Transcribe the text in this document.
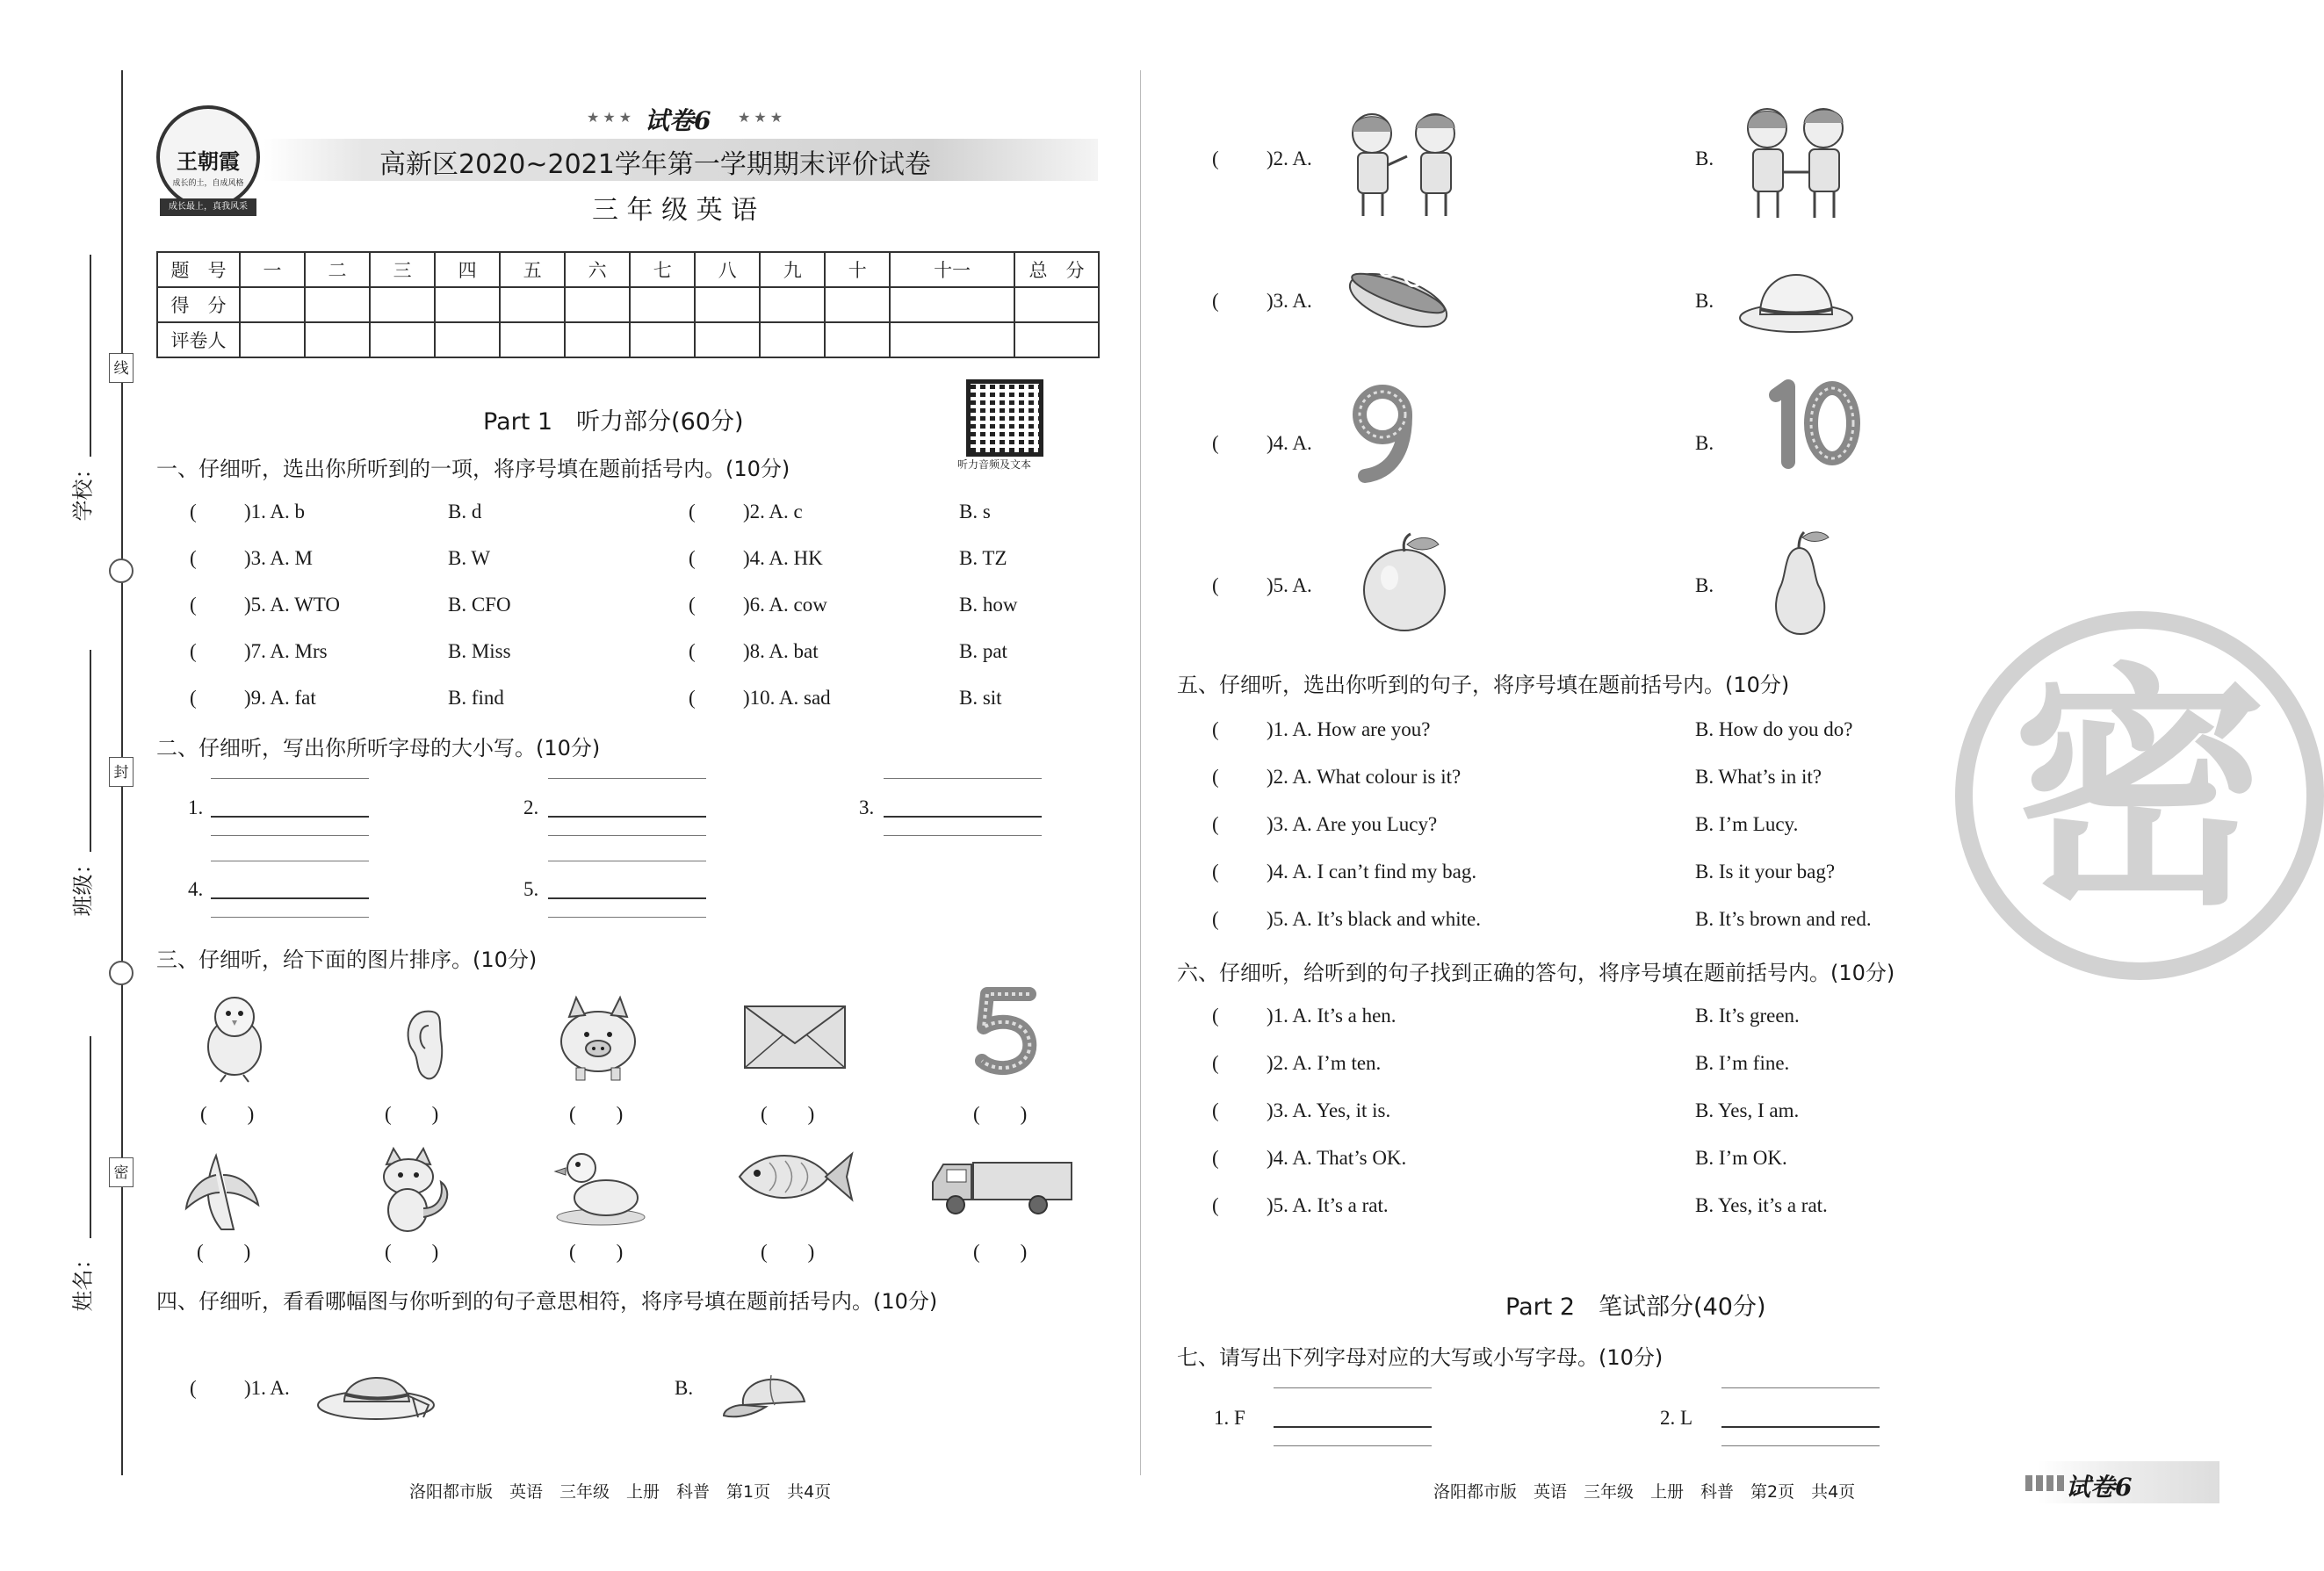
线
封
密
学校：
班级：
姓名：
王朝霞
成长的土，自成风格
成长最上，真我风采
★ ★ ★ 试卷6 ★ ★ ★
高新区2020~2021学年第一学期期末评价试卷
三 年 级 英 语
题　号	一	二	三	四	五	六	七	八	九	十	十一	总　分
得　分												
评卷人												
Part 1　听力部分(60分)
听力音频及文本
一、仔细听，选出你所听到的一项，将序号填在题前括号内。(10分)
( )1. A. b	B. d	( )2. A. c	B. s
( )3. A. M	B. W	( )4. A. HK	B. TZ
( )5. A. WTO	B. CFO	( )6. A. cow	B. how
( )7. A. Mrs	B. Miss	( )8. A. bat	B. pat
( )9. A. fat	B. find	( )10. A. sad	B. sit
二、仔细听，写出你所听字母的大小写。(10分)
1.	2.	3.
4.	5.
三、仔细听，给下面的图片排序。(10分)
(　　)	(　　)	(　　)	(　　)	(　　)
(　　)	(　　)	(　　)	(　　)	(　　)
四、仔细听，看看哪幅图与你听到的句子意思相符，将序号填在题前括号内。(10分)
( )1. A.	B.
( )2. A.	B.
( )3. A.	B.
( )4. A.	B.
( )5. A.	B.
五、仔细听，选出你听到的句子，将序号填在题前括号内。(10分)
( )1. A. How are you?	B. How do you do?
( )2. A. What colour is it?	B. What’s in it?
( )3. A. Are you Lucy?	B. I’m Lucy.
( )4. A. I can’t find my bag.	B. Is it your bag?
( )5. A. It’s black and white.	B. It’s brown and red.
六、仔细听，给听到的句子找到正确的答句，将序号填在题前括号内。(10分)
( )1. A. It’s a hen.	B. It’s green.
( )2. A. I’m ten.	B. I’m fine.
( )3. A. Yes, it is.	B. Yes, I am.
( )4. A. That’s OK.	B. I’m OK.
( )5. A. It’s a rat.	B. Yes, it’s a rat.
Part 2　笔试部分(40分)
七、请写出下列字母对应的大写或小写字母。(10分)
1. F	2. L
密
洛阳都市版　英语　三年级　上册　科普　第1页　共4页	洛阳都市版　英语　三年级　上册　科普　第2页　共4页	试卷6
